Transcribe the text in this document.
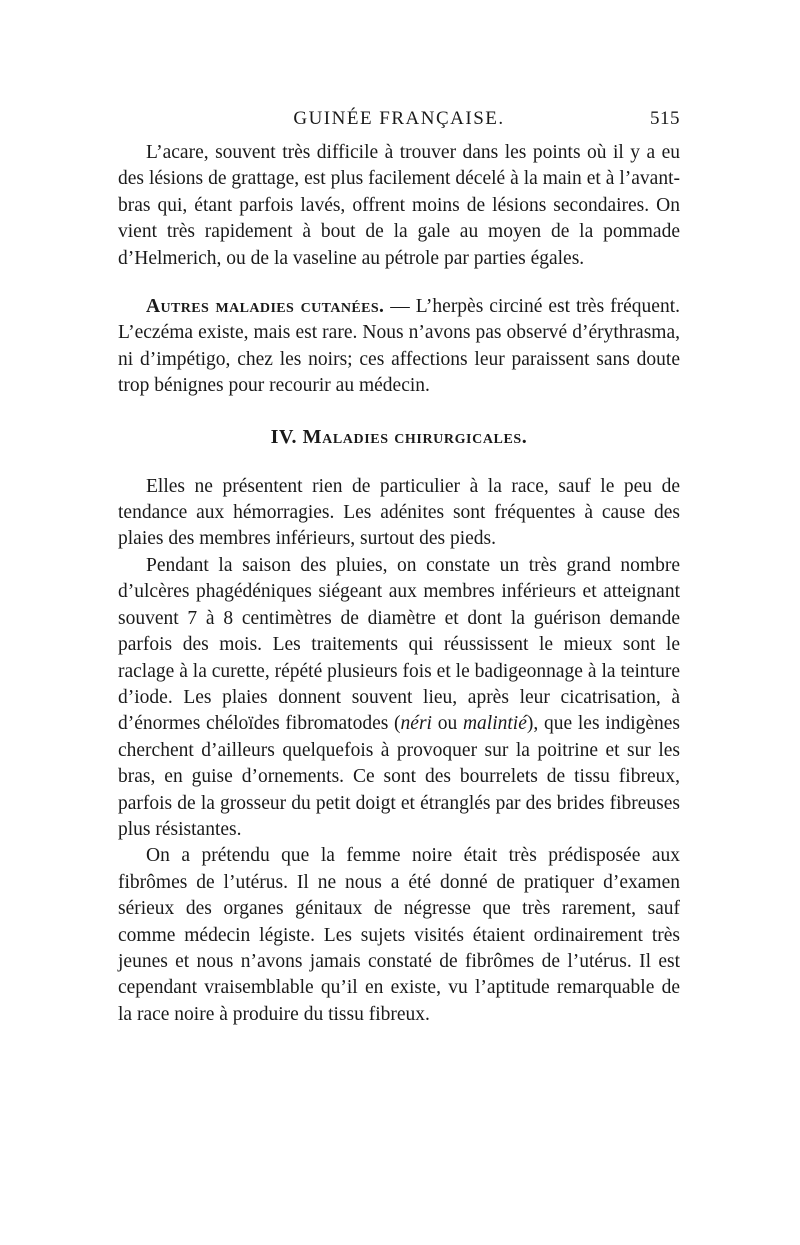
GUINÉE FRANÇAISE.	515

L’acare, souvent très difficile à trouver dans les points où il y a eu des lésions de grattage, est plus facilement décelé à la main et à l’avant-bras qui, étant parfois lavés, offrent moins de lésions secondaires. On vient très rapidement à bout de la gale au moyen de la pommade d’Helmerich, ou de la vaseline au pétrole par parties égales.

Autres maladies cutanées. — L’herpès circiné est très fréquent. L’eczéma existe, mais est rare. Nous n’avons pas observé d’érythrasma, ni d’impétigo, chez les noirs; ces affections leur paraissent sans doute trop bénignes pour recourir au médecin.

IV. Maladies chirurgicales.

Elles ne présentent rien de particulier à la race, sauf le peu de tendance aux hémorragies. Les adénites sont fréquentes à cause des plaies des membres inférieurs, surtout des pieds.

Pendant la saison des pluies, on constate un très grand nombre d’ulcères phagédéniques siégeant aux membres inférieurs et atteignant souvent 7 à 8 centimètres de diamètre et dont la guérison demande parfois des mois. Les traitements qui réussissent le mieux sont le raclage à la curette, répété plusieurs fois et le badigeonnage à la teinture d’iode. Les plaies donnent souvent lieu, après leur cicatrisation, à d’énormes chéloïdes fibromatodes (néri ou malintié), que les indigènes cherchent d’ailleurs quelquefois à provoquer sur la poitrine et sur les bras, en guise d’ornements. Ce sont des bourrelets de tissu fibreux, parfois de la grosseur du petit doigt et étranglés par des brides fibreuses plus résistantes.

On a prétendu que la femme noire était très prédisposée aux fibrômes de l’utérus. Il ne nous a été donné de pratiquer d’examen sérieux des organes génitaux de négresse que très rarement, sauf comme médecin légiste. Les sujets visités étaient ordinairement très jeunes et nous n’avons jamais constaté de fibrômes de l’utérus. Il est cependant vraisemblable qu’il en existe, vu l’aptitude remarquable de la race noire à produire du tissu fibreux.
